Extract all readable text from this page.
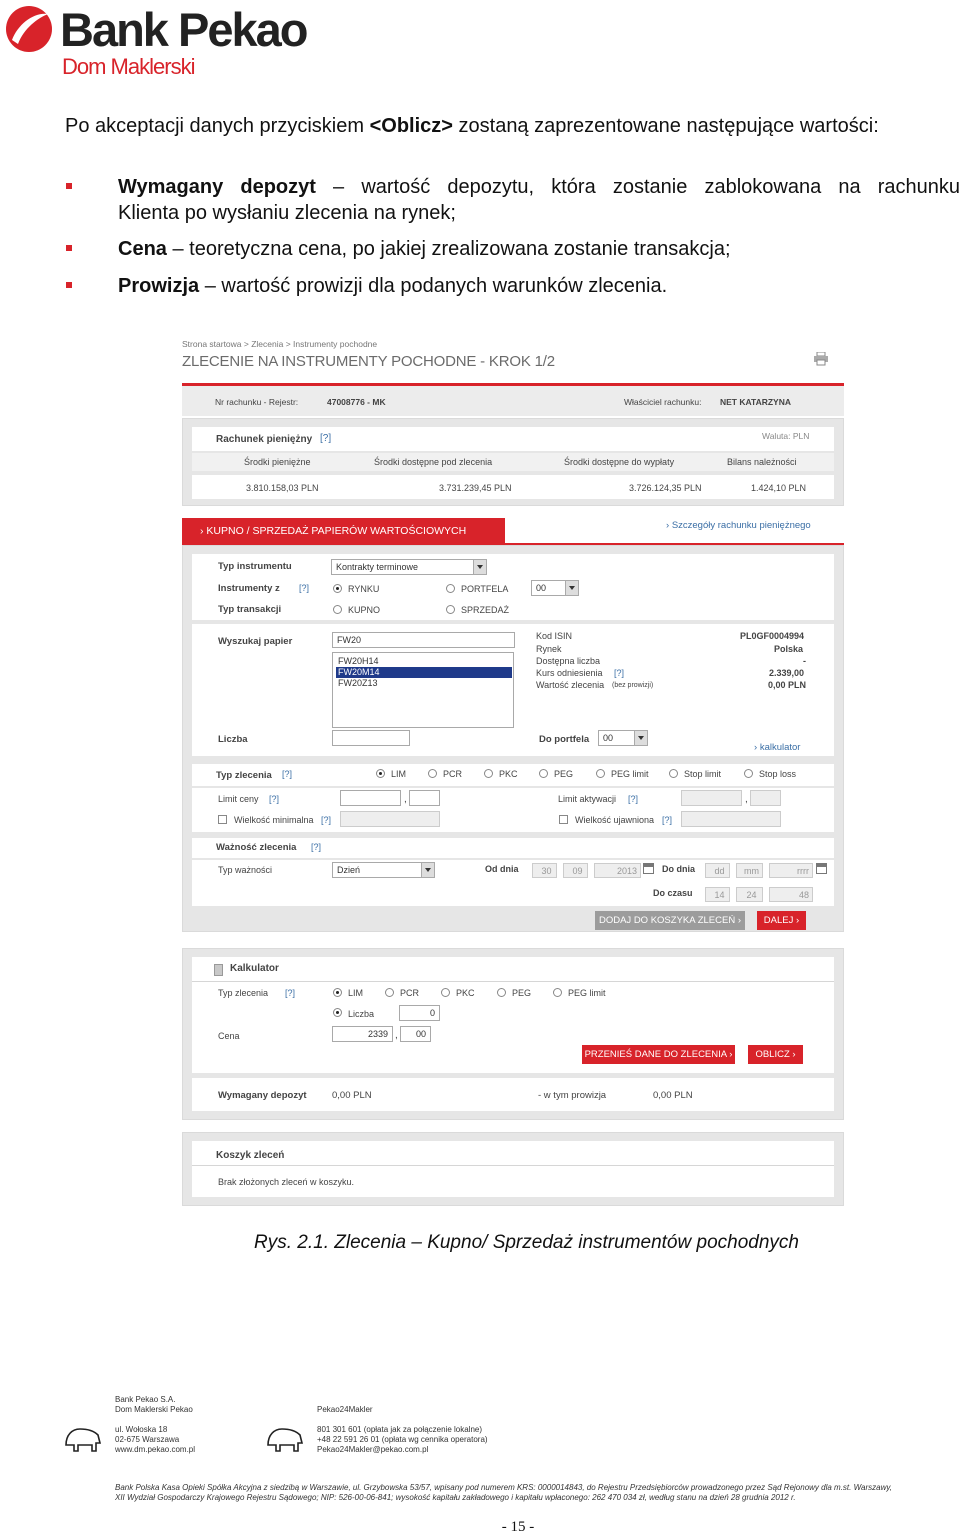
Bank Pekao
Dom Maklerski
Po akceptacji danych przyciskiem <Oblicz> zostaną zaprezentowane następujące wartości:
Wymagany depozyt – wartość depozytu, która zostanie zablokowana na rachunku
Klienta po wysłaniu zlecenia na rynek;
Cena – teoretyczna cena, po jakiej zrealizowana zostanie transakcja;
Prowizja – wartość prowizji dla podanych warunków zlecenia.
Strona startowa > Zlecenia > Instrumenty pochodne
ZLECENIE NA INSTRUMENTY POCHODNE - KROK 1/2
Nr rachunku - Rejestr:	47008776 - MK	Właściciel rachunku: NET KATARZYNA
Rachunek pieniężny [?]	Waluta: PLN
Środki pieniężne	Środki dostępne pod zlecenia	Środki dostępne do wypłaty	Bilans należności
3.810.158,03 PLN	3.731.239,45 PLN	3.726.124,35 PLN	1.424,10 PLN
› KUPNO / SPRZEDAŻ PAPIERÓW WARTOŚCIOWYCH	› Szczegóły rachunku pieniężnego
Typ instrumentu	Kontrakty terminowe
Instrumenty z [?]	RYNKU	PORTFELA	00
Typ transakcji	KUPNO	SPRZEDAŻ
Wyszukaj papier	FW20	Kod ISIN	PL0GF0004994
Rynek	Polska
Dostępna liczba	-
Kurs odniesienia [?]	2.339,00
Wartość zlecenia (bez prowizji)	0,00 PLN
Liczba	Do portfela	00
› kalkulator
FW20H14
FW20M14
FW20Z13
Typ zlecenia [?]	LIM	PCR	PKC	PEG	PEG limit	Stop limit	Stop loss
Limit ceny [?]	,
Wielkość minimalna [?]
Limit aktywacji [?]	,
Wielkość ujawniona [?]
Ważność zlecenia [?]
Typ ważności	Dzień	Od dnia	30	09	2013	Do dnia	dd	mm	rrrr
Do czasu	14	24	48
DODAJ DO KOSZYKA ZLECEŃ ›	DALEJ ›
Kalkulator
Typ zlecenia [?]	LIM	PCR	PKC	PEG	PEG limit
Liczba	0
Cena	2339 ,	00
PRZENIEŚ DANE DO ZLECENIA ›	OBLICZ ›
Wymagany depozyt	0,00 PLN	- w tym prowizja	0,00 PLN
Koszyk zleceń
Brak złożonych zleceń w koszyku.
Rys. 2.1. Zlecenia – Kupno/ Sprzedaż instrumentów pochodnych
Bank Pekao S.A.
Dom Maklerski Pekao
ul. Wołoska 18
02-675 Warszawa
www.dm.pekao.com.pl
Pekao24Makler
801 301 601 (opłata jak za połączenie lokalne)
+48 22 591 26 01 (opłata wg cennika operatora)
Pekao24Makler@pekao.com.pl
Bank Polska Kasa Opieki Spółka Akcyjna z siedzibą w Warszawie, ul. Grzybowska 53/57, wpisany pod numerem KRS: 0000014843, do Rejestru Przedsiębiorców prowadzonego przez Sąd Rejonowy dla m.st. Warszawy,
XII Wydział Gospodarczy Krajowego Rejestru Sądowego; NIP: 526-00-06-841; wysokość kapitału zakładowego i kapitału wpłaconego: 262 470 034 zł, według stanu na dzień 28 grudnia 2012 r.
- 15 -
